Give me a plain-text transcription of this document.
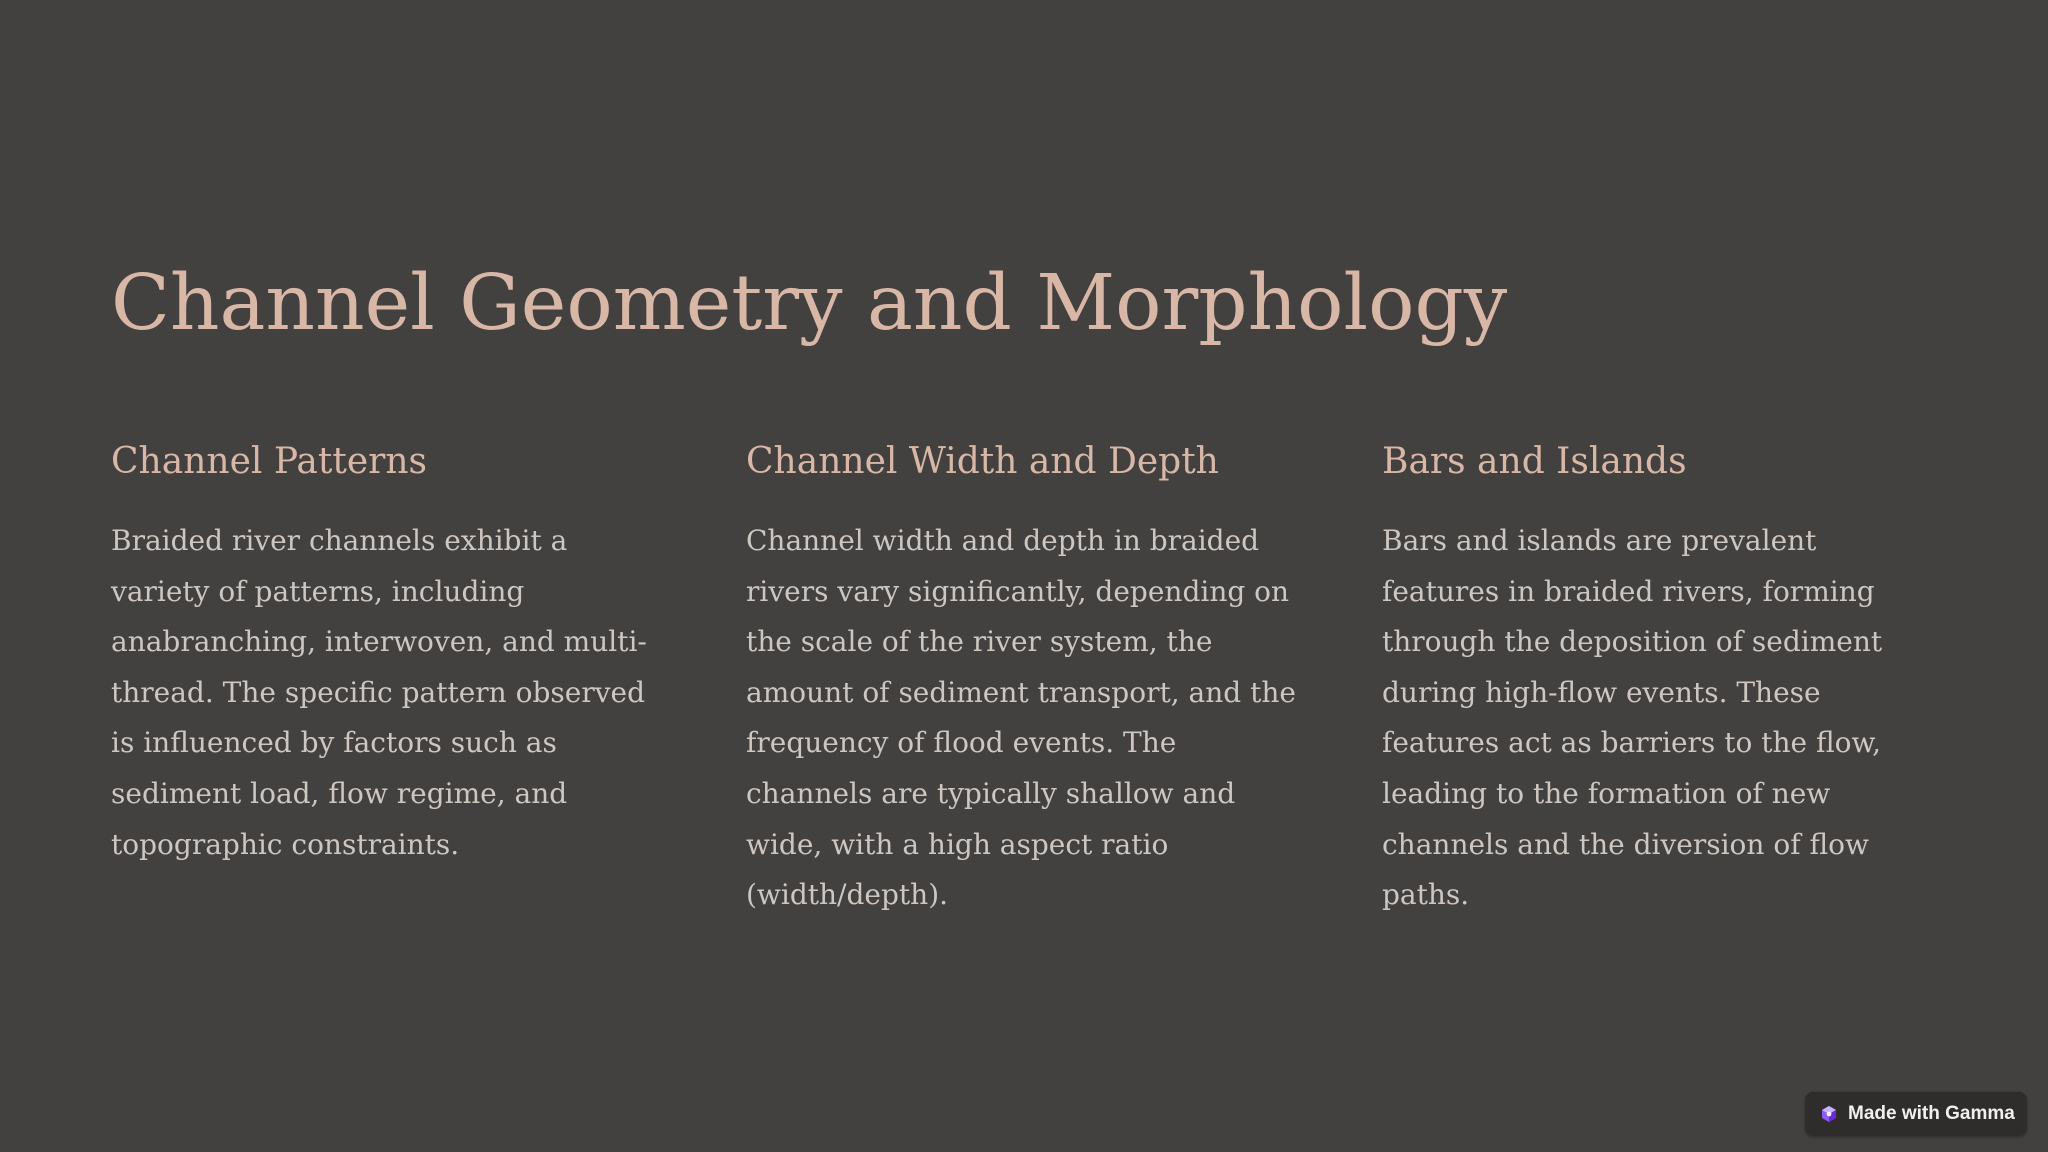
Channel Geometry and Morphology
Channel Patterns

Braided river channels exhibit a variety of patterns, including anabranching, interwoven, and multi-thread. The specific pattern observed is influenced by factors such as sediment load, flow regime, and topographic constraints.

Channel Width and Depth

Channel width and depth in braided rivers vary significantly, depending on the scale of the river system, the amount of sediment transport, and the frequency of flood events. The channels are typically shallow and wide, with a high aspect ratio (width/depth).

Bars and Islands

Bars and islands are prevalent features in braided rivers, forming through the deposition of sediment during high-flow events. These features act as barriers to the flow, leading to the formation of new channels and the diversion of flow paths.

Made with Gamma
